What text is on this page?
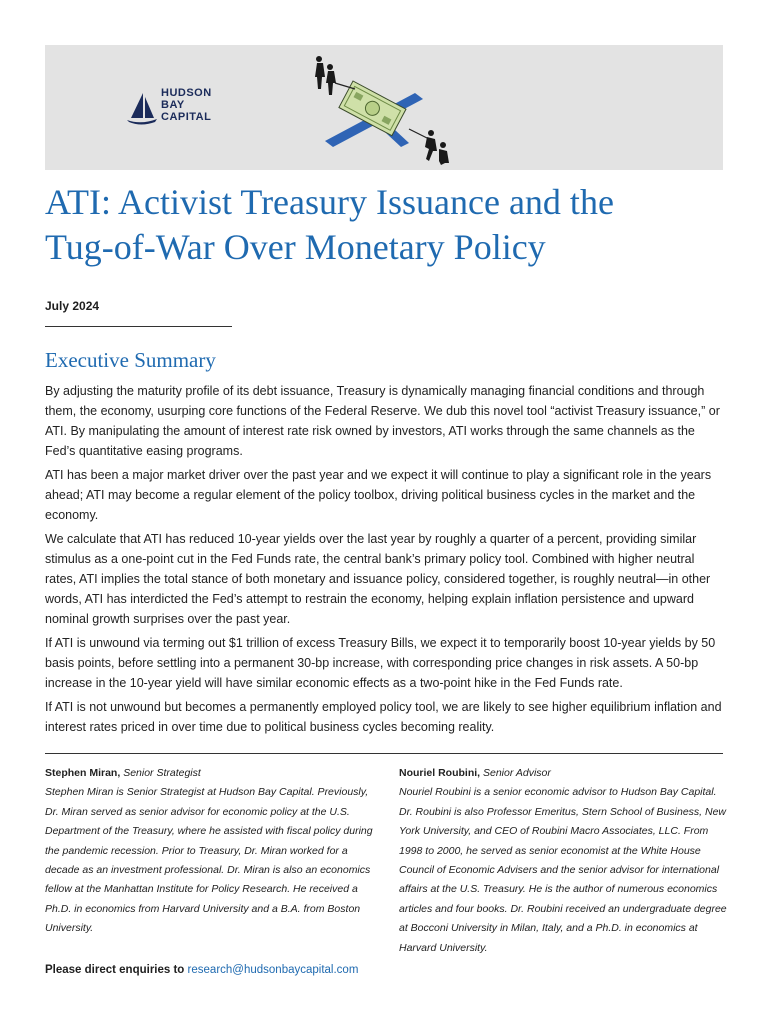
HUDSON
BAY
CAPITAL
ATI: Activist Treasury Issuance and the
Tug-of-War Over Monetary Policy
July 2024
Executive Summary

By adjusting the maturity profile of its debt issuance, Treasury is dynamically managing financial conditions and through them, the economy, usurping core functions of the Federal Reserve. We dub this novel tool “activist Treasury issuance,” or ATI. By manipulating the amount of interest rate risk owned by investors, ATI works through the same channels as the Fed’s quantitative easing programs.

ATI has been a major market driver over the past year and we expect it will continue to play a significant role in the years ahead; ATI may become a regular element of the policy toolbox, driving political business cycles in the market and the economy.

We calculate that ATI has reduced 10-year yields over the last year by roughly a quarter of a percent, providing similar stimulus as a one-point cut in the Fed Funds rate, the central bank’s primary policy tool. Combined with higher neutral rates, ATI implies the total stance of both monetary and issuance policy, considered together, is roughly neutral—in other words, ATI has interdicted the Fed’s attempt to restrain the economy, helping explain inflation persistence and upward nominal growth surprises over the past year.

If ATI is unwound via terming out $1 trillion of excess Treasury Bills, we expect it to temporarily boost 10-year yields by 50 basis points, before settling into a permanent 30-bp increase, with corresponding price changes in risk assets. A 50-bp increase in the 10-year yield will have similar economic effects as a two-point hike in the Fed Funds rate.

If ATI is not unwound but becomes a permanently employed policy tool, we are likely to see higher equilibrium inflation and interest rates priced in over time due to political business cycles becoming reality.

Stephen Miran, Senior Strategist
Stephen Miran is Senior Strategist at Hudson Bay Capital. Previously, Dr. Miran served as senior advisor for economic policy at the U.S. Department of the Treasury, where he assisted with fiscal policy during the pandemic recession. Prior to Treasury, Dr. Miran worked for a decade as an investment professional. Dr. Miran is also an economics fellow at the Manhattan Institute for Policy Research. He received a Ph.D. in economics from Harvard University and a B.A. from Boston University.
Nouriel Roubini, Senior Advisor
Nouriel Roubini is a senior economic advisor to Hudson Bay Capital. Dr. Roubini is also Professor Emeritus, Stern School of Business, New York University, and CEO of Roubini Macro Associates, LLC. From 1998 to 2000, he served as senior economist at the White House Council of Economic Advisers and the senior advisor for international affairs at the U.S. Treasury. He is the author of numerous economics articles and four books. Dr. Roubini received an undergraduate degree at Bocconi University in Milan, Italy, and a Ph.D. in economics at Harvard University.
Please direct enquiries to research@hudsonbaycapital.com
